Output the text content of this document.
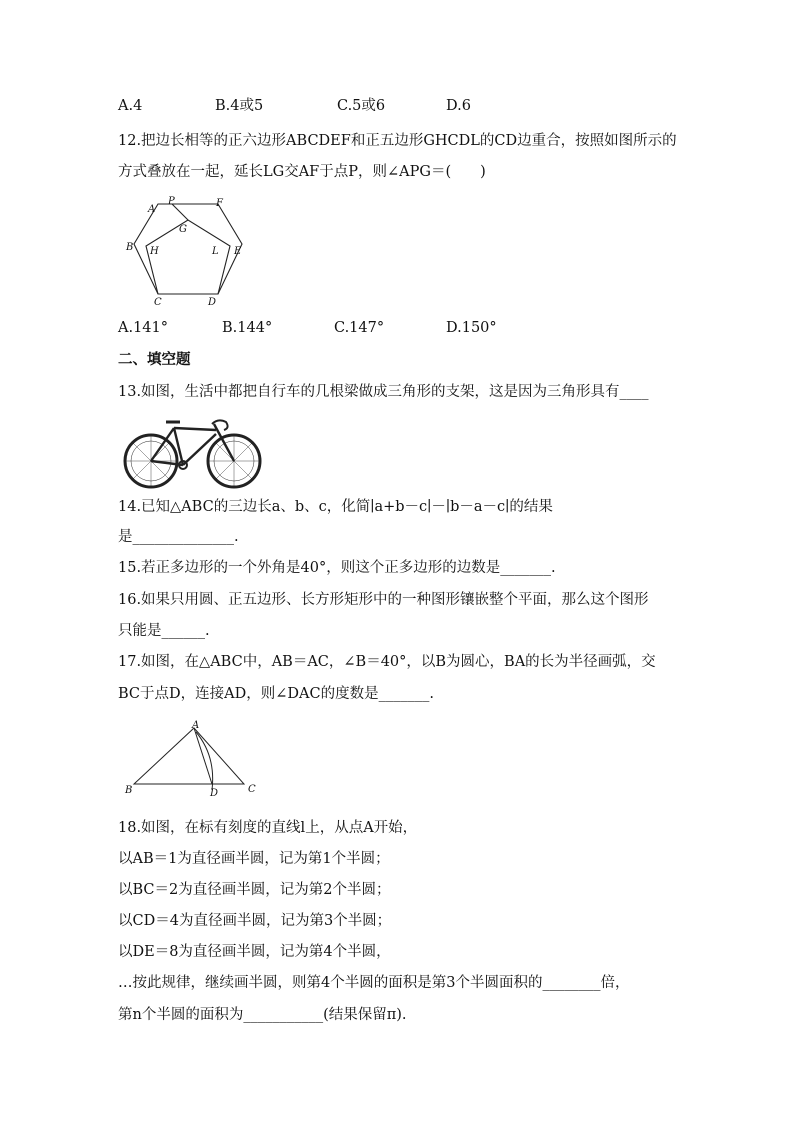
A.4	B.4或5	C.5或6	D.6
12.把边长相等的正六边形ABCDEF和正五边形GHCDL的CD边重合，按照如图所示的
方式叠放在一起，延长LG交AF于点P，则∠APG＝(　　)
A
P	F
G
B H	L E
C	D
A.141°	B.144°	C.147°	D.150°
二、填空题
13.如图，生活中都把自行车的几根梁做成三角形的支架，这是因为三角形具有____
14.已知△ABC的三边长a、b、c，化简∣a+b－c∣－∣b－a－c∣的结果
是______________.
15.若正多边形的一个外角是40°，则这个正多边形的边数是_______.
16.如果只用圆、正五边形、长方形矩形中的一种图形镶嵌整个平面，那么这个图形
只能是______.
17.如图，在△ABC中，AB＝AC，∠B＝40°，以B为圆心，BA的长为半径画弧，交
BC于点D，连接AD，则∠DAC的度数是_______.
A
B	D	C
18.如图，在标有刻度的直线l上，从点A开始，
以AB＝1为直径画半圆，记为第1个半圆；
以BC＝2为直径画半圆，记为第2个半圆；
以CD＝4为直径画半圆，记为第3个半圆；
以DE＝8为直径画半圆，记为第4个半圆，
…按此规律，继续画半圆，则第4个半圆的面积是第3个半圆面积的________倍，
第n个半圆的面积为___________(结果保留π).
